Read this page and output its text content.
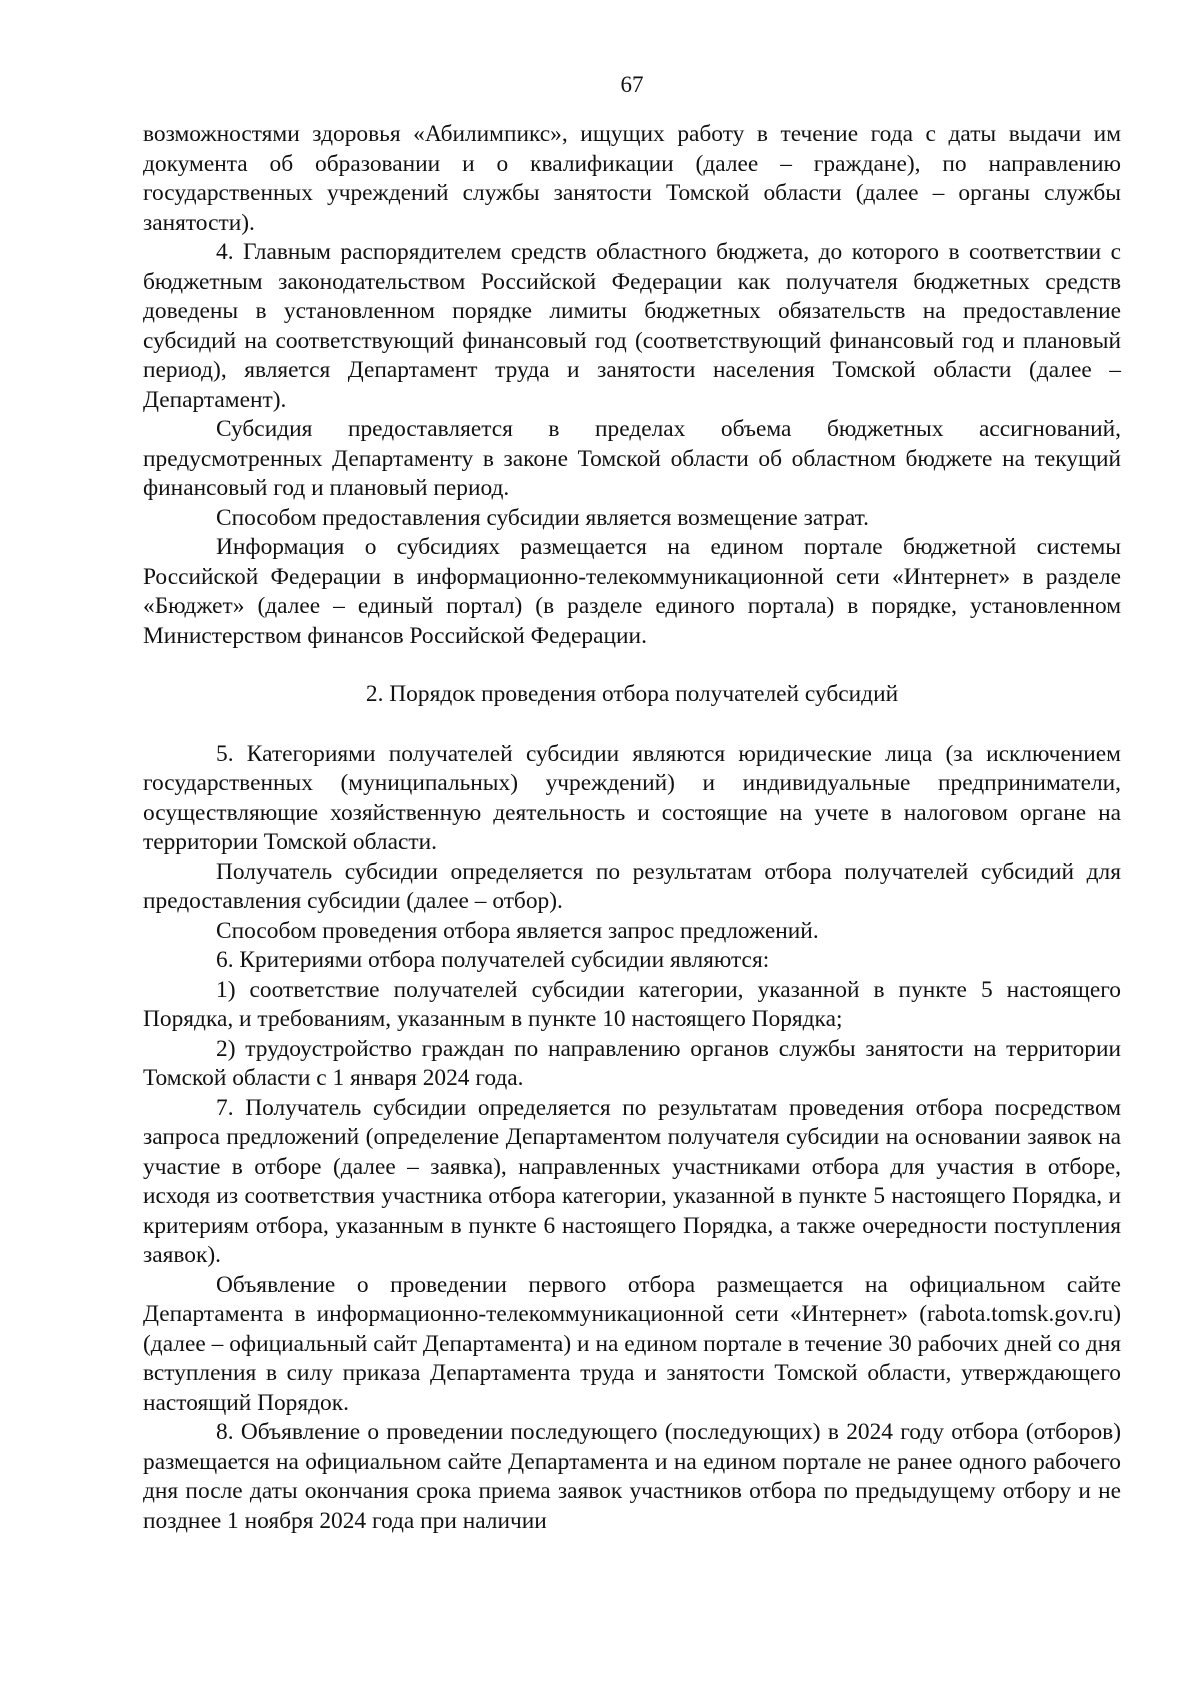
67

возможностями здоровья «Абилимпикс», ищущих работу в течение года с даты выдачи им документа об образовании и о квалификации (далее – граждане), по направлению государственных учреждений службы занятости Томской области (далее – органы службы занятости).

4. Главным распорядителем средств областного бюджета, до которого в соответствии с бюджетным законодательством Российской Федерации как получателя бюджетных средств доведены в установленном порядке лимиты бюджетных обязательств на предоставление субсидий на соответствующий финансовый год (соответствующий финансовый год и плановый период), является Департамент труда и занятости населения Томской области (далее – Департамент).

Субсидия предоставляется в пределах объема бюджетных ассигнований, предусмотренных Департаменту в законе Томской области об областном бюджете на текущий финансовый год и плановый период.

Способом предоставления субсидии является возмещение затрат.

Информация о субсидиях размещается на едином портале бюджетной системы Российской Федерации в информационно-телекоммуникационной сети «Интернет» в разделе «Бюджет» (далее – единый портал) (в разделе единого портала) в порядке, установленном Министерством финансов Российской Федерации.

2. Порядок проведения отбора получателей субсидий

5. Категориями получателей субсидии являются юридические лица (за исключением государственных (муниципальных) учреждений) и индивидуальные предприниматели, осуществляющие хозяйственную деятельность и состоящие на учете в налоговом органе на территории Томской области.

Получатель субсидии определяется по результатам отбора получателей субсидий для предоставления субсидии (далее – отбор).

Способом проведения отбора является запрос предложений.

6. Критериями отбора получателей субсидии являются:

1) соответствие получателей субсидии категории, указанной в пункте 5 настоящего Порядка, и требованиям, указанным в пункте 10 настоящего Порядка;

2) трудоустройство граждан по направлению органов службы занятости на территории Томской области с 1 января 2024 года.

7. Получатель субсидии определяется по результатам проведения отбора посредством запроса предложений (определение Департаментом получателя субсидии на основании заявок на участие в отборе (далее – заявка), направленных участниками отбора для участия в отборе, исходя из соответствия участника отбора категории, указанной в пункте 5 настоящего Порядка, и критериям отбора, указанным в пункте 6 настоящего Порядка, а также очередности поступления заявок).

Объявление о проведении первого отбора размещается на официальном сайте Департамента в информационно-телекоммуникационной сети «Интернет» (rabota.tomsk.gov.ru) (далее – официальный сайт Департамента) и на едином портале в течение 30 рабочих дней со дня вступления в силу приказа Департамента труда и занятости Томской области, утверждающего настоящий Порядок.

8. Объявление о проведении последующего (последующих) в 2024 году отбора (отборов) размещается на официальном сайте Департамента и на едином портале не ранее одного рабочего дня после даты окончания срока приема заявок участников отбора по предыдущему отбору и не позднее 1 ноября 2024 года при наличии
